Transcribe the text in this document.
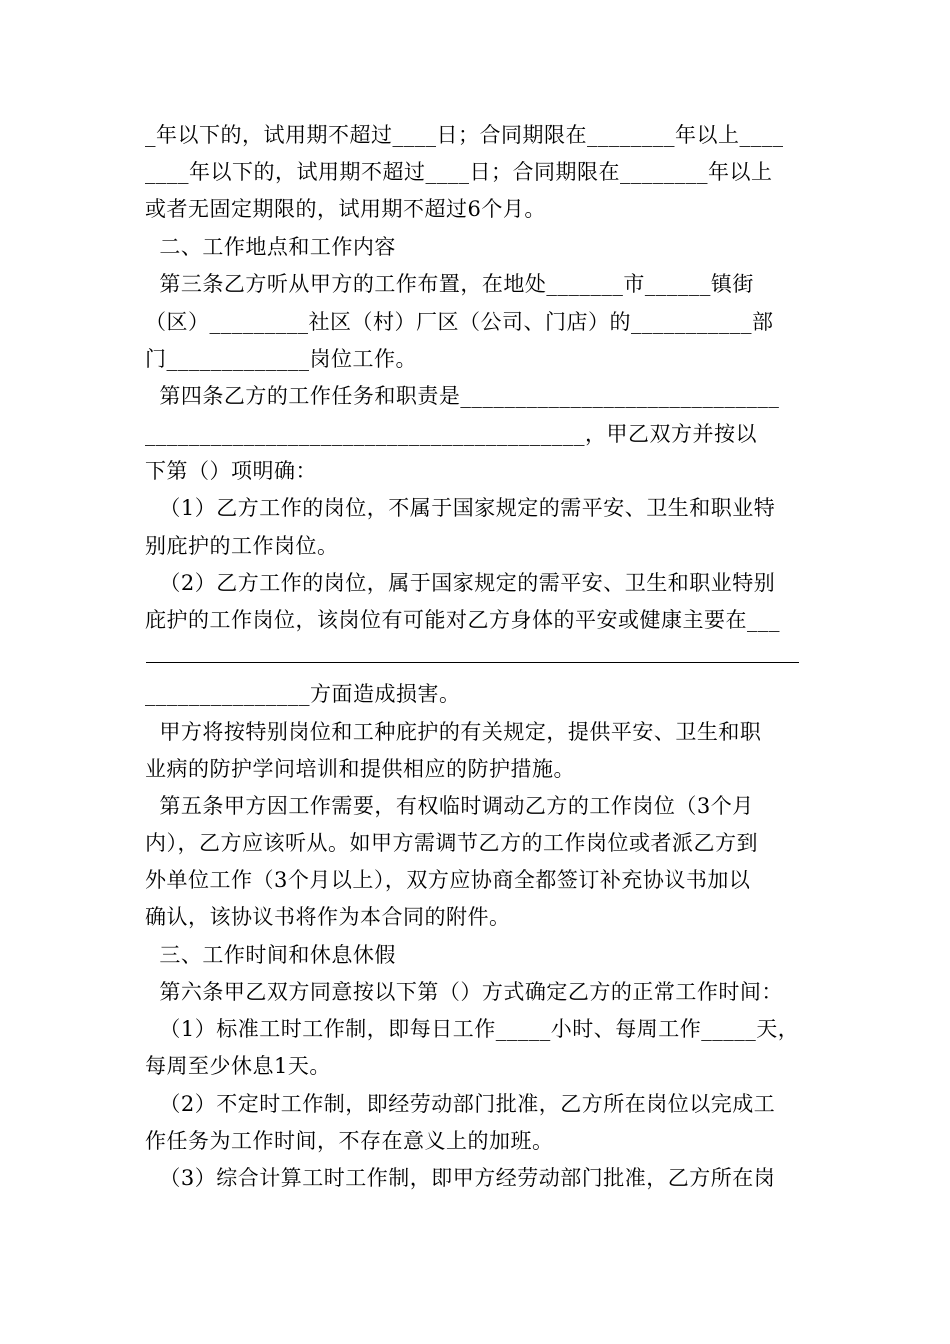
_年以下的，试用期不超过____日；合同期限在________年以上____
____年以下的，试用期不超过____日；合同期限在________年以上
或者无固定期限的，试用期不超过6个月。
二、工作地点和工作内容
第三条乙方听从甲方的工作布置，在地处_______市______镇街
（区）_________社区（村）厂区（公司、门店）的___________部
门_____________岗位工作。
第四条乙方的工作任务和职责是_____________________________
________________________________________，甲乙双方并按以
下第（）项明确：
（1）乙方工作的岗位，不属于国家规定的需平安、卫生和职业特
别庇护的工作岗位。
（2）乙方工作的岗位，属于国家规定的需平安、卫生和职业特别
庇护的工作岗位，该岗位有可能对乙方身体的平安或健康主要在___
_______________方面造成损害。
甲方将按特别岗位和工种庇护的有关规定，提供平安、卫生和职
业病的防护学问培训和提供相应的防护措施。
第五条甲方因工作需要，有权临时调动乙方的工作岗位（3个月
内），乙方应该听从。如甲方需调节乙方的工作岗位或者派乙方到
外单位工作（3个月以上），双方应协商全都签订补充协议书加以
确认，该协议书将作为本合同的附件。
三、工作时间和休息休假
第六条甲乙双方同意按以下第（）方式确定乙方的正常工作时间：
（1）标准工时工作制，即每日工作_____小时、每周工作_____天，
每周至少休息1天。
（2）不定时工作制，即经劳动部门批准，乙方所在岗位以完成工
作任务为工作时间，不存在意义上的加班。
（3）综合计算工时工作制，即甲方经劳动部门批准，乙方所在岗
